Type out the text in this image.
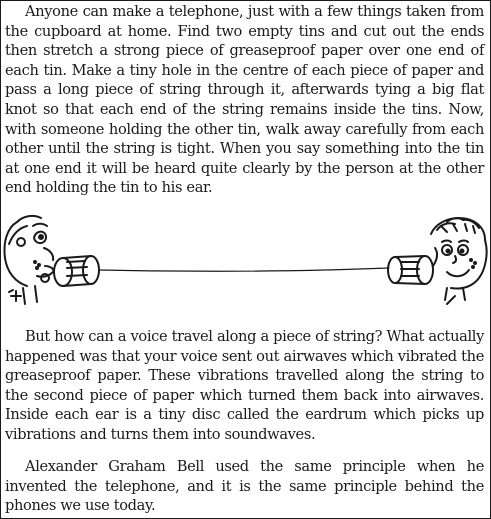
Anyone can make a telephone, just with a few things taken from the cupboard at home. Find two empty tins and cut out the ends then stretch a strong piece of greaseproof paper over one end of each tin. Make a tiny hole in the centre of each piece of paper and pass a long piece of string through it, afterwards tying a big flat knot so that each end of the string remains inside the tins. Now, with someone holding the other tin, walk away carefully from each other until the string is tight. When you say something into the tin at one end it will be heard quite clearly by the person at the other end holding the tin to his ear.

But how can a voice travel along a piece of string? What actually happened was that your voice sent out airwaves which vibrated the greaseproof paper. These vibrations travelled along the string to the second piece of paper which turned them back into airwaves. Inside each ear is a tiny disc called the eardrum which picks up vibrations and turns them into soundwaves.

Alexander Graham Bell used the same principle when he invented the telephone, and it is the same principle behind the phones we use today.
